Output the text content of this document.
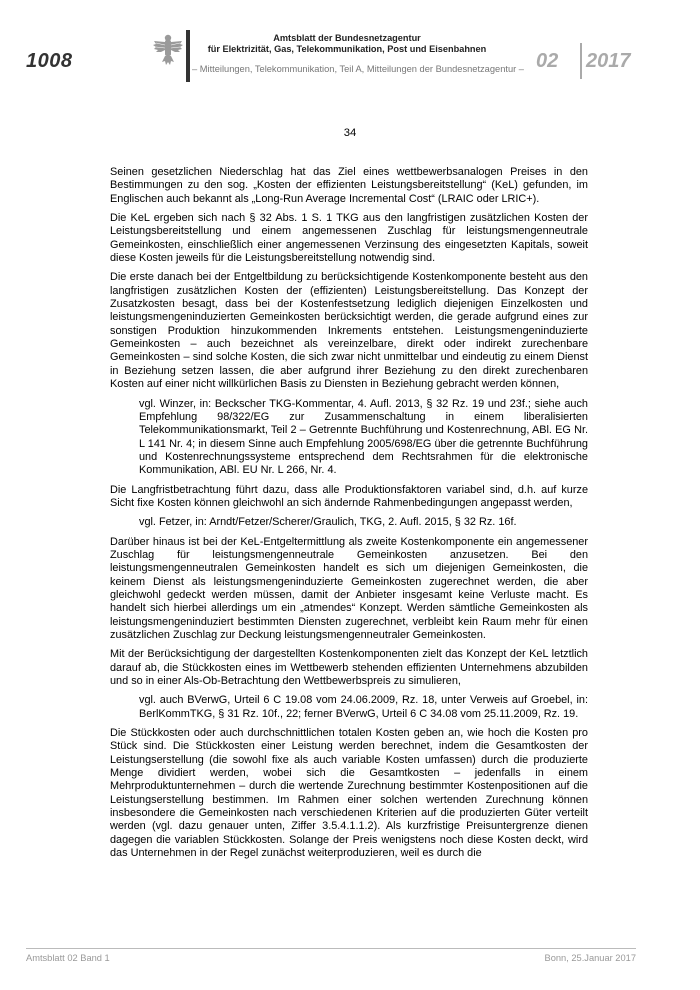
1008
Amtsblatt der Bundesnetzagentur
für Elektrizität, Gas, Telekommunikation, Post und Eisenbahnen
– Mitteilungen, Telekommunikation, Teil A, Mitteilungen der Bundesnetzagentur – 02 2017
34

Seinen gesetzlichen Niederschlag hat das Ziel eines wettbewerbsanalogen Preises in den Bestimmungen zu den sog. „Kosten der effizienten Leistungsbereitstellung“ (KeL) gefunden, im Englischen auch bekannt als „Long-Run Average Incremental Cost“ (LRAIC oder LRIC+).

Die KeL ergeben sich nach § 32 Abs. 1 S. 1 TKG aus den langfristigen zusätzlichen Kosten der Leistungsbereitstellung und einem angemessenen Zuschlag für leistungsmengenneutrale Gemeinkosten, einschließlich einer angemessenen Verzinsung des eingesetzten Kapitals, soweit diese Kosten jeweils für die Leistungsbereitstellung notwendig sind.

Die erste danach bei der Entgeltbildung zu berücksichtigende Kostenkomponente besteht aus den langfristigen zusätzlichen Kosten der (effizienten) Leistungsbereitstellung. Das Konzept der Zusatzkosten besagt, dass bei der Kostenfestsetzung lediglich diejenigen Einzelkosten und leistungsmengeninduzierten Gemeinkosten berücksichtigt werden, die gerade aufgrund eines zur sonstigen Produktion hinzukommenden Inkrements entstehen. Leistungsmengeninduzierte Gemeinkosten – auch bezeichnet als vereinzelbare, direkt oder indirekt zurechenbare Gemeinkosten – sind solche Kosten, die sich zwar nicht unmittelbar und eindeutig zu einem Dienst in Beziehung setzen lassen, die aber aufgrund ihrer Beziehung zu den direkt zurechenbaren Kosten auf einer nicht willkürlichen Basis zu Diensten in Beziehung gebracht werden können,

vgl. Winzer, in: Beckscher TKG-Kommentar, 4. Aufl. 2013, § 32 Rz. 19 und 23f.; siehe auch Empfehlung 98/322/EG zur Zusammenschaltung in einem liberalisierten Telekommunikationsmarkt, Teil 2 – Getrennte Buchführung und Kostenrechnung, ABl. EG Nr. L 141 Nr. 4; in diesem Sinne auch Empfehlung 2005/698/EG über die getrennte Buchführung und Kostenrechnungssysteme entsprechend dem Rechtsrahmen für die elektronische Kommunikation, ABl. EU Nr. L 266, Nr. 4.

Die Langfristbetrachtung führt dazu, dass alle Produktionsfaktoren variabel sind, d.h. auf kurze Sicht fixe Kosten können gleichwohl an sich ändernde Rahmenbedingungen angepasst werden,

vgl. Fetzer, in: Arndt/Fetzer/Scherer/Graulich, TKG, 2. Aufl. 2015, § 32 Rz. 16f.

Darüber hinaus ist bei der KeL-Entgeltermittlung als zweite Kostenkomponente ein angemessener Zuschlag für leistungsmengenneutrale Gemeinkosten anzusetzen. Bei den leistungsmengenneutralen Gemeinkosten handelt es sich um diejenigen Gemeinkosten, die keinem Dienst als leistungsmengeninduzierte Gemeinkosten zugerechnet werden, die aber gleichwohl gedeckt werden müssen, damit der Anbieter insgesamt keine Verluste macht. Es handelt sich hierbei allerdings um ein „atmendes“ Konzept. Werden sämtliche Gemeinkosten als leistungsmengeninduziert bestimmten Diensten zugerechnet, verbleibt kein Raum mehr für einen zusätzlichen Zuschlag zur Deckung leistungsmengenneutraler Gemeinkosten.

Mit der Berücksichtigung der dargestellten Kostenkomponenten zielt das Konzept der KeL letztlich darauf ab, die Stückkosten eines im Wettbewerb stehenden effizienten Unternehmens abzubilden und so in einer Als-Ob-Betrachtung den Wettbewerbspreis zu simulieren,

vgl. auch BVerwG, Urteil 6 C 19.08 vom 24.06.2009, Rz. 18, unter Verweis auf Groebel, in: BerlKommTKG, § 31 Rz. 10f., 22; ferner BVerwG, Urteil 6 C 34.08 vom 25.11.2009, Rz. 19.

Die Stückkosten oder auch durchschnittlichen totalen Kosten geben an, wie hoch die Kosten pro Stück sind. Die Stückkosten einer Leistung werden berechnet, indem die Gesamtkosten der Leistungserstellung (die sowohl fixe als auch variable Kosten umfassen) durch die produzierte Menge dividiert werden, wobei sich die Gesamtkosten – jedenfalls in einem Mehrproduktunternehmen – durch die wertende Zurechnung bestimmter Kostenpositionen auf die Leistungserstellung bestimmen. Im Rahmen einer solchen wertenden Zurechnung können insbesondere die Gemeinkosten nach verschiedenen Kriterien auf die produzierten Güter verteilt werden (vgl. dazu genauer unten, Ziffer 3.5.4.1.1.2). Als kurzfristige Preisuntergrenze dienen dagegen die variablen Stückkosten. Solange der Preis wenigstens noch diese Kosten deckt, wird das Unternehmen in der Regel zunächst weiterproduzieren, weil es durch die

Amtsblatt 02 Band 1	Bonn, 25.Januar 2017
